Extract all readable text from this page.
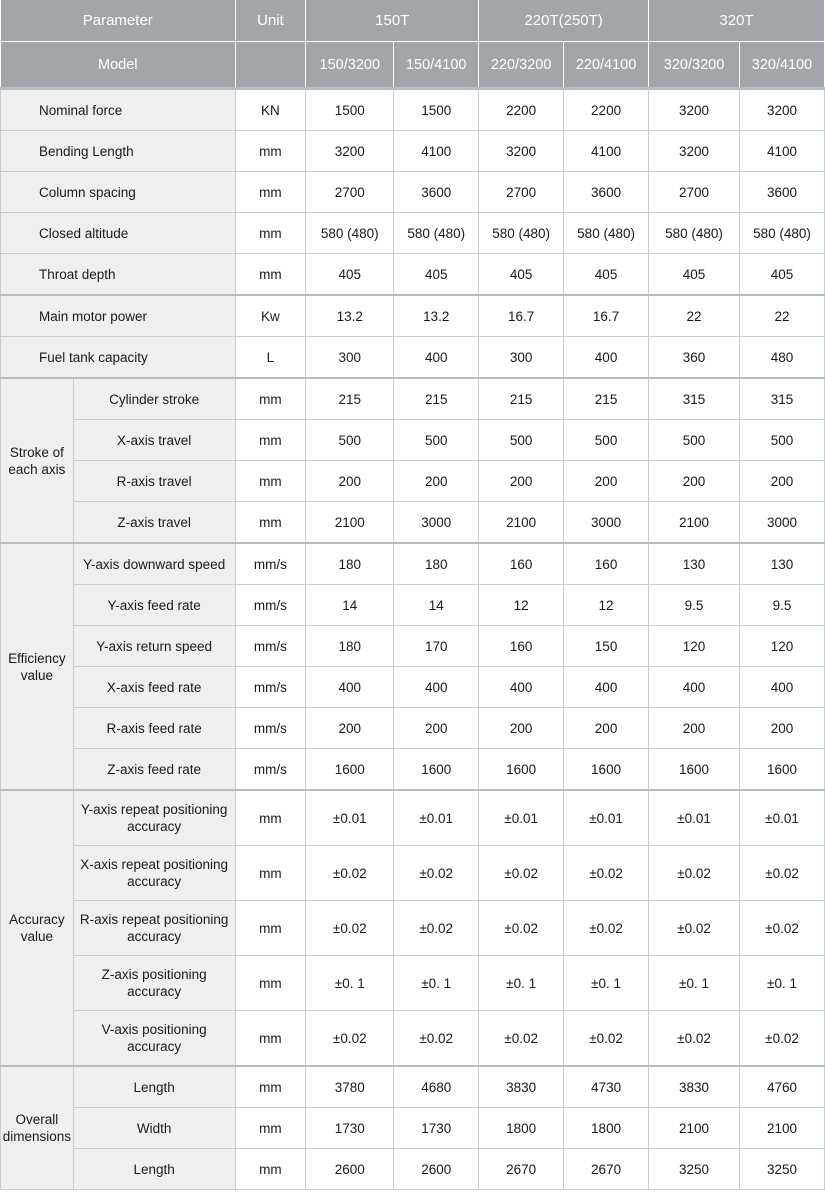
Parameter		Unit	150T		220T(250T)		320T	
Model			150/3200	150/4100	220/3200	220/4100	320/3200	320/4100
Nominal force		KN	1500	1500	2200	2200	3200	3200
Bending Length		mm	3200	4100	3200	4100	3200	4100
Column spacing		mm	2700	3600	2700	3600	2700	3600
Closed altitude		mm	580 (480)	580 (480)	580 (480)	580 (480)	580 (480)	580 (480)
Throat depth		mm	405	405	405	405	405	405
Main motor power		Kw	13.2	13.2	16.7	16.7	22	22
Fuel tank capacity		L	300	400	300	400	360	480
Stroke of each axis	Cylinder stroke	mm	215	215	215	215	315	315
	X-axis travel	mm	500	500	500	500	500	500
	R-axis travel	mm	200	200	200	200	200	200
	Z-axis travel	mm	2100	3000	2100	3000	2100	3000
Efficiency value	Y-axis downward speed	mm/s	180	180	160	160	130	130
	Y-axis feed rate	mm/s	14	14	12	12	9.5	9.5
	Y-axis return speed	mm/s	180	170	160	150	120	120
	X-axis feed rate	mm/s	400	400	400	400	400	400
	R-axis feed rate	mm/s	200	200	200	200	200	200
	Z-axis feed rate	mm/s	1600	1600	1600	1600	1600	1600
Accuracy value	Y-axis repeat positioning accuracy	mm	±0.01	±0.01	±0.01	±0.01	±0.01	±0.01
	X-axis repeat positioning accuracy	mm	±0.02	±0.02	±0.02	±0.02	±0.02	±0.02
	R-axis repeat positioning accuracy	mm	±0.02	±0.02	±0.02	±0.02	±0.02	±0.02
	Z-axis positioning accuracy	mm	±0. 1	±0. 1	±0. 1	±0. 1	±0. 1	±0. 1
	V-axis positioning accuracy	mm	±0.02	±0.02	±0.02	±0.02	±0.02	±0.02
Overall dimensions	Length	mm	3780	4680	3830	4730	3830	4760
	Width	mm	1730	1730	1800	1800	2100	2100
	Length	mm	2600	2600	2670	2670	3250	3250
